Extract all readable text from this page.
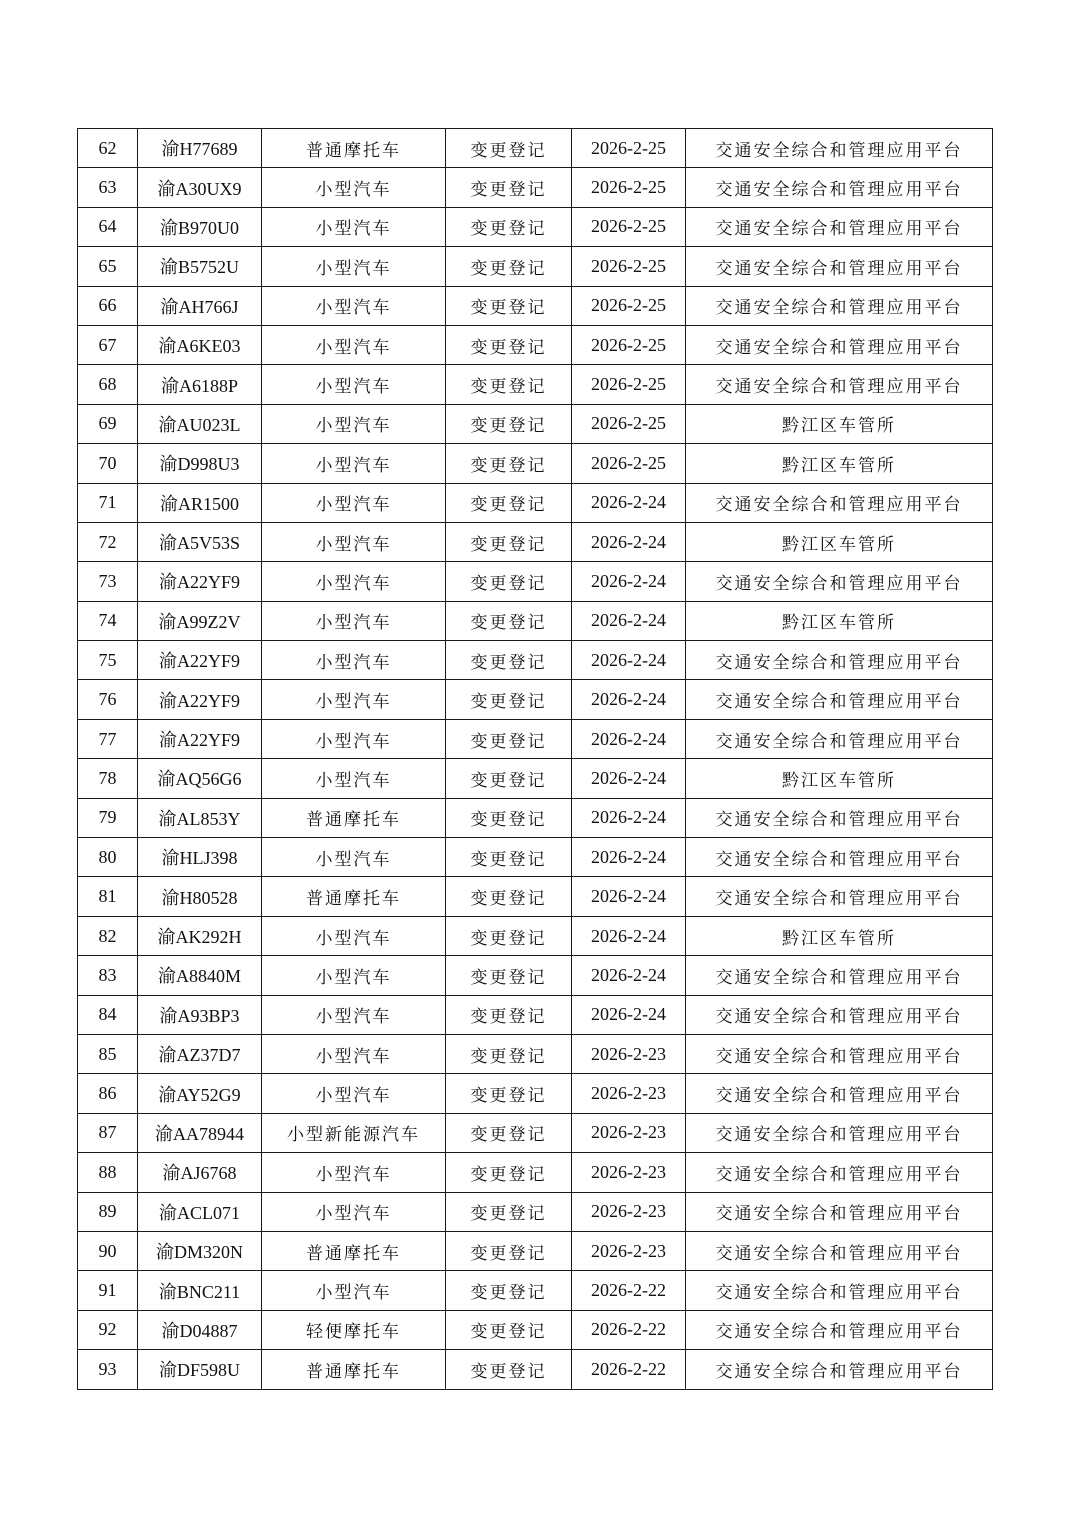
62	渝H77689	普通摩托车	变更登记	2026-2-25	交通安全综合和管理应用平台
63	渝A30UX9	小型汽车	变更登记	2026-2-25	交通安全综合和管理应用平台
64	渝B970U0	小型汽车	变更登记	2026-2-25	交通安全综合和管理应用平台
65	渝B5752U	小型汽车	变更登记	2026-2-25	交通安全综合和管理应用平台
66	渝AH766J	小型汽车	变更登记	2026-2-25	交通安全综合和管理应用平台
67	渝A6KE03	小型汽车	变更登记	2026-2-25	交通安全综合和管理应用平台
68	渝A6188P	小型汽车	变更登记	2026-2-25	交通安全综合和管理应用平台
69	渝AU023L	小型汽车	变更登记	2026-2-25	黔江区车管所
70	渝D998U3	小型汽车	变更登记	2026-2-25	黔江区车管所
71	渝AR1500	小型汽车	变更登记	2026-2-24	交通安全综合和管理应用平台
72	渝A5V53S	小型汽车	变更登记	2026-2-24	黔江区车管所
73	渝A22YF9	小型汽车	变更登记	2026-2-24	交通安全综合和管理应用平台
74	渝A99Z2V	小型汽车	变更登记	2026-2-24	黔江区车管所
75	渝A22YF9	小型汽车	变更登记	2026-2-24	交通安全综合和管理应用平台
76	渝A22YF9	小型汽车	变更登记	2026-2-24	交通安全综合和管理应用平台
77	渝A22YF9	小型汽车	变更登记	2026-2-24	交通安全综合和管理应用平台
78	渝AQ56G6	小型汽车	变更登记	2026-2-24	黔江区车管所
79	渝AL853Y	普通摩托车	变更登记	2026-2-24	交通安全综合和管理应用平台
80	渝HLJ398	小型汽车	变更登记	2026-2-24	交通安全综合和管理应用平台
81	渝H80528	普通摩托车	变更登记	2026-2-24	交通安全综合和管理应用平台
82	渝AK292H	小型汽车	变更登记	2026-2-24	黔江区车管所
83	渝A8840M	小型汽车	变更登记	2026-2-24	交通安全综合和管理应用平台
84	渝A93BP3	小型汽车	变更登记	2026-2-24	交通安全综合和管理应用平台
85	渝AZ37D7	小型汽车	变更登记	2026-2-23	交通安全综合和管理应用平台
86	渝AY52G9	小型汽车	变更登记	2026-2-23	交通安全综合和管理应用平台
87	渝AA78944	小型新能源汽车	变更登记	2026-2-23	交通安全综合和管理应用平台
88	渝AJ6768	小型汽车	变更登记	2026-2-23	交通安全综合和管理应用平台
89	渝ACL071	小型汽车	变更登记	2026-2-23	交通安全综合和管理应用平台
90	渝DM320N	普通摩托车	变更登记	2026-2-23	交通安全综合和管理应用平台
91	渝BNC211	小型汽车	变更登记	2026-2-22	交通安全综合和管理应用平台
92	渝D04887	轻便摩托车	变更登记	2026-2-22	交通安全综合和管理应用平台
93	渝DF598U	普通摩托车	变更登记	2026-2-22	交通安全综合和管理应用平台
